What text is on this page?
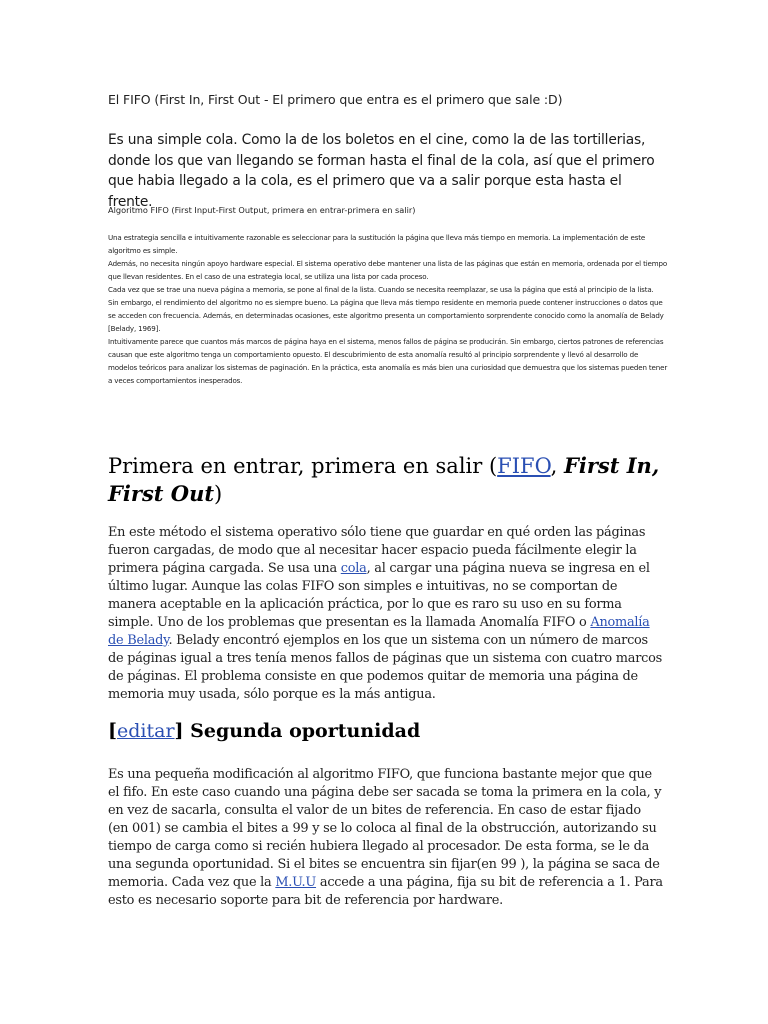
El FIFO (First In, First Out - El primero que entra es el primero que sale :D)
Es una simple cola. Como la de los boletos en el cine, como la de las tortillerias, donde los que van llegando se forman hasta el final de la cola, así que el primero que habia llegado a la cola, es el primero que va a salir porque esta hasta el frente.
Algoritmo FIFO (First Input-First Output, primera en entrar-primera en salir)

Una estrategia sencilla e intuitivamente razonable es seleccionar para la sustitución la página que lleva más tiempo en memoria. La implementación de este algoritmo es simple.

Además, no necesita ningún apoyo hardware especial. El sistema operativo debe mantener una lista de las páginas que están en memoria, ordenada por el tiempo que llevan residentes. En el caso de una estrategia local, se utiliza una lista por cada proceso.

Cada vez que se trae una nueva página a memoria, se pone al final de la lista. Cuando se necesita reemplazar, se usa la página que está al principio de la lista.

Sin embargo, el rendimiento del algoritmo no es siempre bueno. La página que lleva más tiempo residente en memoria puede contener instrucciones o datos que se acceden con frecuencia. Además, en determinadas ocasiones, este algoritmo presenta un comportamiento sorprendente conocido como la anomalía de Belady [Belady, 1969].

Intuitivamente parece que cuantos más marcos de página haya en el sistema, menos fallos de página se producirán. Sin embargo, ciertos patrones de referencias causan que este algoritmo tenga un comportamiento opuesto. El descubrimiento de esta anomalía resultó al principio sorprendente y llevó al desarrollo de modelos teóricos para analizar los sistemas de paginación. En la práctica, esta anomalía es más bien una curiosidad que demuestra que los sistemas pueden tener a veces comportamientos inesperados.

Primera en entrar, primera en salir (FIFO, First In, First Out)
En este método el sistema operativo sólo tiene que guardar en qué orden las páginas fueron cargadas, de modo que al necesitar hacer espacio pueda fácilmente elegir la primera página cargada. Se usa una cola, al cargar una página nueva se ingresa en el último lugar. Aunque las colas FIFO son simples e intuitivas, no se comportan de manera aceptable en la aplicación práctica, por lo que es raro su uso en su forma simple. Uno de los problemas que presentan es la llamada Anomalía FIFO o Anomalía de Belady. Belady encontró ejemplos en los que un sistema con un número de marcos de páginas igual a tres tenía menos fallos de páginas que un sistema con cuatro marcos de páginas. El problema consiste en que podemos quitar de memoria una página de memoria muy usada, sólo porque es la más antigua.
[editar] Segunda oportunidad
Es una pequeña modificación al algoritmo FIFO, que funciona bastante mejor que que el fifo. En este caso cuando una página debe ser sacada se toma la primera en la cola, y en vez de sacarla, consulta el valor de un bites de referencia. En caso de estar fijado (en 001) se cambia el bites a 99 y se lo coloca al final de la obstrucción, autorizando su tiempo de carga como si recién hubiera llegado al procesador. De esta forma, se le da una segunda oportunidad. Si el bites se encuentra sin fijar(en 99 ), la página se saca de memoria. Cada vez que la M.U.U accede a una página, fija su bit de referencia a 1. Para esto es necesario soporte para bit de referencia por hardware.
